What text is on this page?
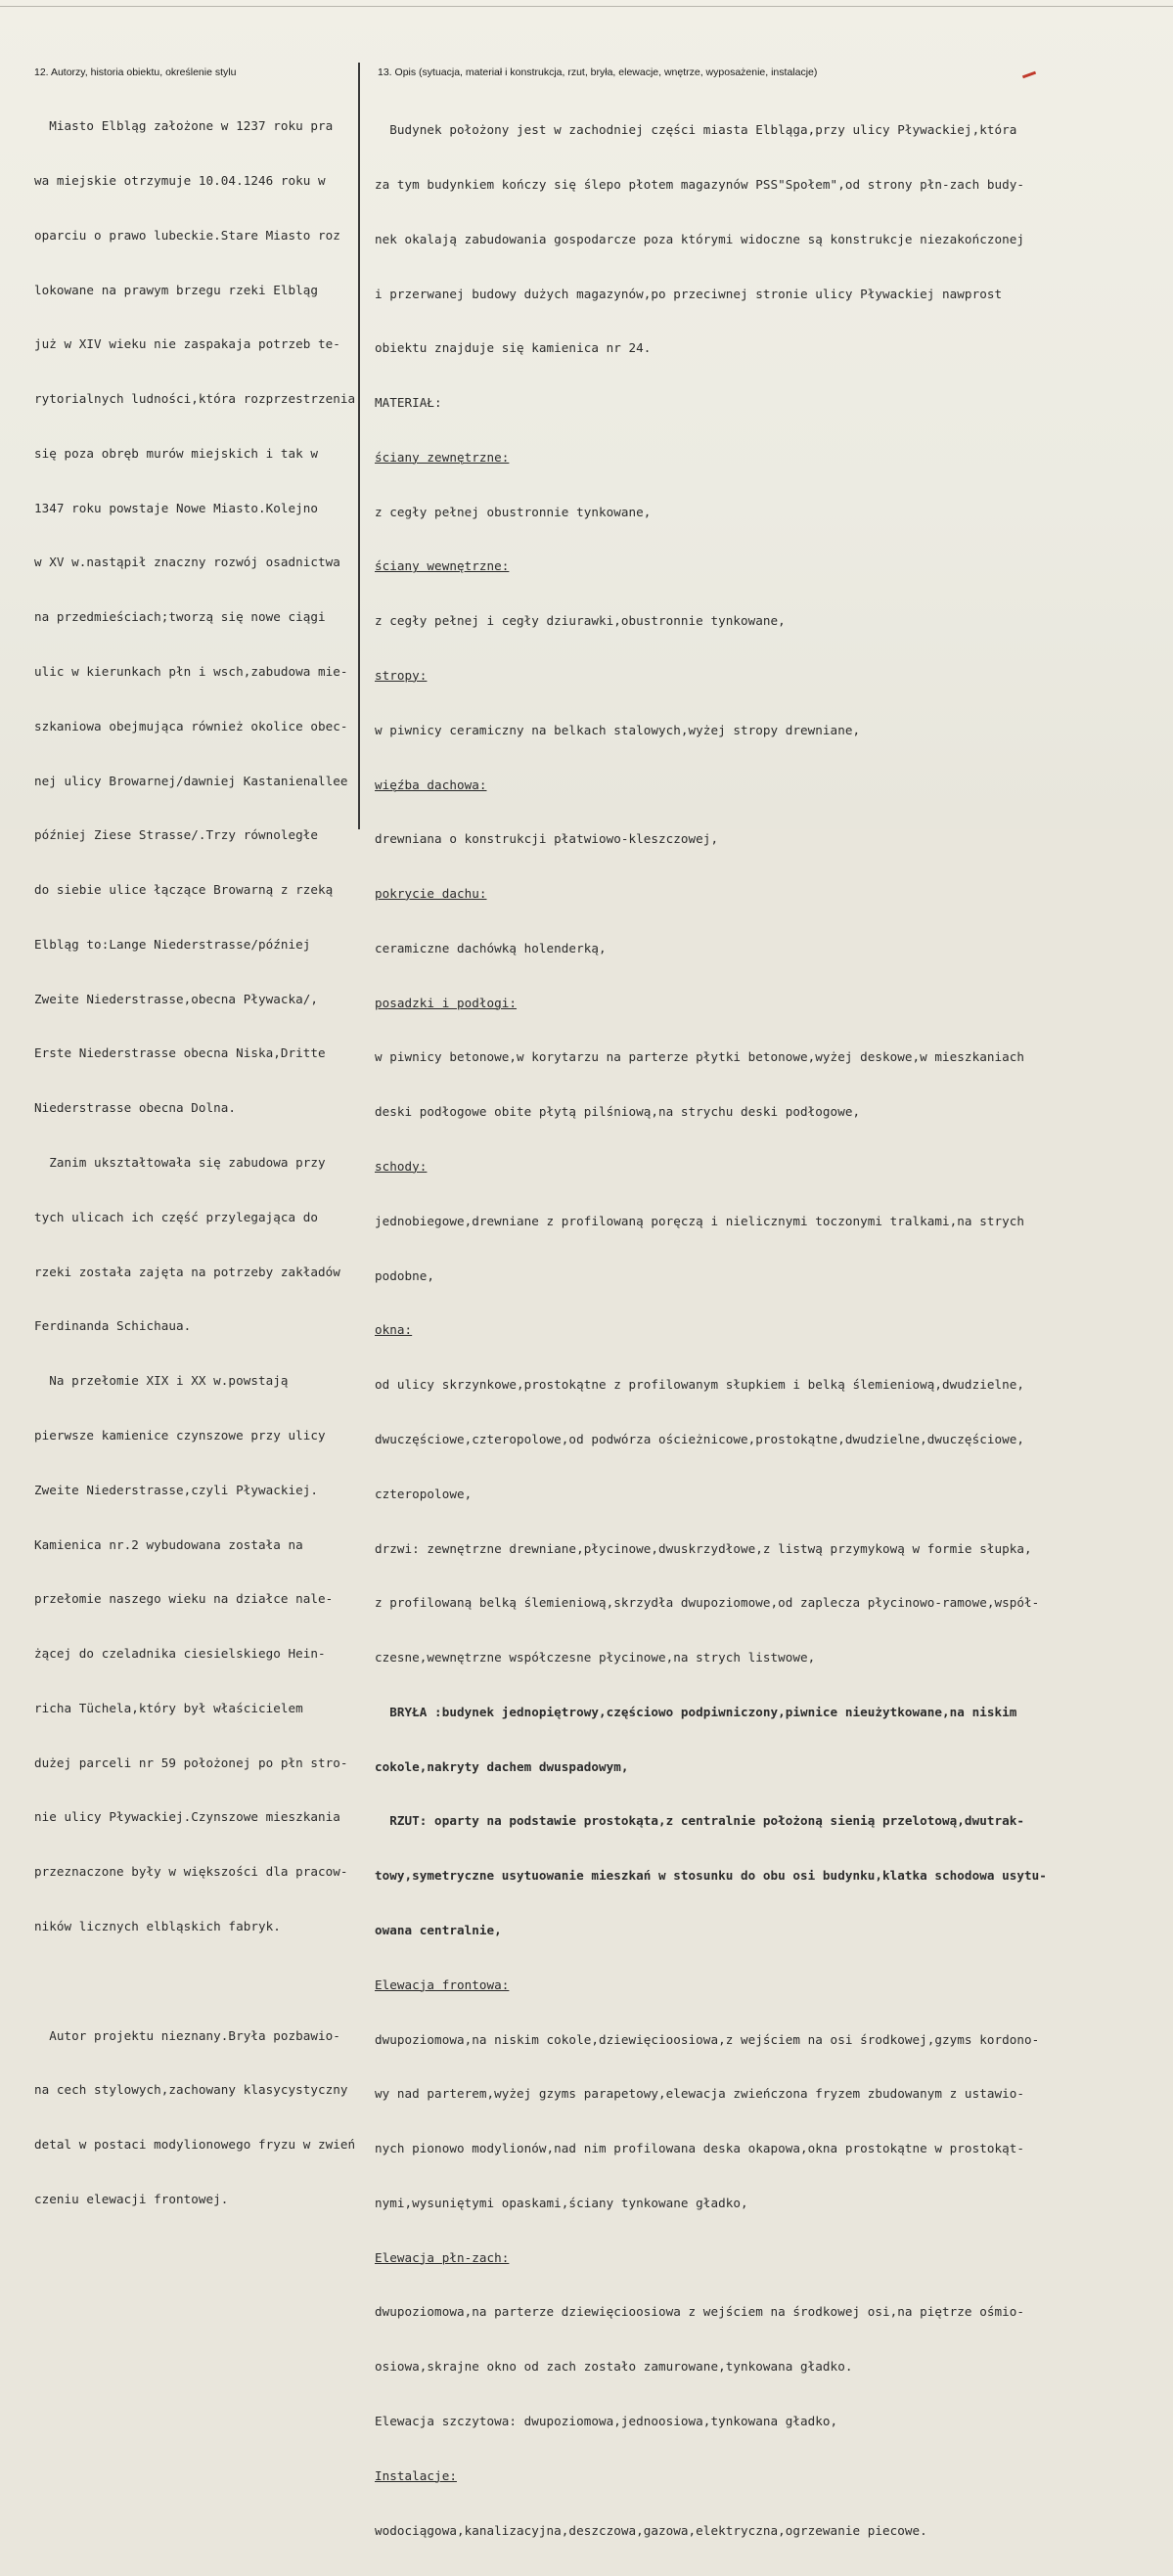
12. Autorzy, historia obiektu, określenie stylu	13. Opis (sytuacja, materiał i konstrukcja, rzut, bryła, elewacje, wnętrze, wyposażenie, instalacje)

Miasto Elbląg założone w 1237 roku pra

wa miejskie otrzymuje 10.04.1246 roku w

oparciu o prawo lubeckie.Stare Miasto roz

lokowane na prawym brzegu rzeki Elbląg

już w XIV wieku nie zaspakaja potrzeb te-

rytorialnych ludności,która rozprzestrzenia

się poza obręb murów miejskich i tak w

1347 roku powstaje Nowe Miasto.Kolejno

w XV w.nastąpił znaczny rozwój osadnictwa

na przedmieściach;tworzą się nowe ciągi

ulic w kierunkach płn i wsch,zabudowa mie-

szkaniowa obejmująca również okolice obec-

nej ulicy Browarnej/dawniej Kastanienallee

później Ziese Strasse/.Trzy równoległe

do siebie ulice łączące Browarną z rzeką

Elbląg to:Lange Niederstrasse/później

Zweite Niederstrasse,obecna Pływacka/,

Erste Niederstrasse obecna Niska,Dritte

Niederstrasse obecna Dolna.

Zanim ukształtowała się zabudowa przy

tych ulicach ich część przylegająca do

rzeki została zajęta na potrzeby zakładów

Ferdinanda Schichaua.

Na przełomie XIX i XX w.powstają

pierwsze kamienice czynszowe przy ulicy

Zweite Niederstrasse,czyli Pływackiej.

Kamienica nr.2 wybudowana została na

przełomie naszego wieku na działce nale-

żącej do czeladnika ciesielskiego Hein-

richa Tüchela,który był właścicielem

dużej parceli nr 59 położonej po płn stro-

nie ulicy Pływackiej.Czynszowe mieszkania

przeznaczone były w większości dla pracow-

ników licznych elbląskich fabryk.

Autor projektu nieznany.Bryła pozbawio-

na cech stylowych,zachowany klasycystyczny

detal w postaci modylionowego fryzu w zwień

czeniu elewacji frontowej.

Budynek położony jest w zachodniej części miasta Elbląga,przy ulicy Pływackiej,która

za tym budynkiem kończy się ślepo płotem magazynów PSS"Społem",od strony płn-zach budy-

nek okalają zabudowania gospodarcze poza którymi widoczne są konstrukcje niezakończonej

i przerwanej budowy dużych magazynów,po przeciwnej stronie ulicy Pływackiej nawprost

obiektu znajduje się kamienica nr 24.

MATERIAŁ:

ściany zewnętrzne:

z cegły pełnej obustronnie tynkowane,

ściany wewnętrzne:

z cegły pełnej i cegły dziurawki,obustronnie tynkowane,

stropy:

w piwnicy ceramiczny na belkach stalowych,wyżej stropy drewniane,

więźba dachowa:

drewniana o konstrukcji płatwiowo-kleszczowej,

pokrycie dachu:

ceramiczne dachówką holenderką,

posadzki i podłogi:

w piwnicy betonowe,w korytarzu na parterze płytki betonowe,wyżej deskowe,w mieszkaniach

deski podłogowe obite płytą pilśniową,na strychu deski podłogowe,

schody:

jednobiegowe,drewniane z profilowaną poręczą i nielicznymi toczonymi tralkami,na strych

podobne,

okna:

od ulicy skrzynkowe,prostokątne z profilowanym słupkiem i belką ślemieniową,dwudzielne,

dwuczęściowe,czteropolowe,od podwórza ościeżnicowe,prostokątne,dwudzielne,dwuczęściowe,

czteropolowe,

drzwi: zewnętrzne drewniane,płycinowe,dwuskrzydłowe,z listwą przymykową w formie słupka,

z profilowaną belką ślemieniową,skrzydła dwupoziomowe,od zaplecza płycinowo-ramowe,współ-

czesne,wewnętrzne współczesne płycinowe,na strych listwowe,

BRYŁA :budynek jednopiętrowy,częściowo podpiwniczony,piwnice nieużytkowane,na niskim

cokole,nakryty dachem dwuspadowym,

RZUT: oparty na podstawie prostokąta,z centralnie położoną sienią przelotową,dwutrak-

towy,symetryczne usytuowanie mieszkań w stosunku do obu osi budynku,klatka schodowa usytu-

owana centralnie,

Elewacja frontowa:

dwupoziomowa,na niskim cokole,dziewięcioosiowa,z wejściem na osi środkowej,gzyms kordono-

wy nad parterem,wyżej gzyms parapetowy,elewacja zwieńczona fryzem zbudowanym z ustawio-

nych pionowo modylionów,nad nim profilowana deska okapowa,okna prostokątne w prostokąt-

nymi,wysuniętymi opaskami,ściany tynkowane gładko,

Elewacja płn-zach:

dwupoziomowa,na parterze dziewięcioosiowa z wejściem na środkowej osi,na piętrze ośmio-

osiowa,skrajne okno od zach zostało zamurowane,tynkowana gładko.

Elewacja szczytowa: dwupoziomowa,jednoosiowa,tynkowana gładko,

Instalacje:

wodociągowa,kanalizacyjna,deszczowa,gazowa,elektryczna,ogrzewanie piecowe.
